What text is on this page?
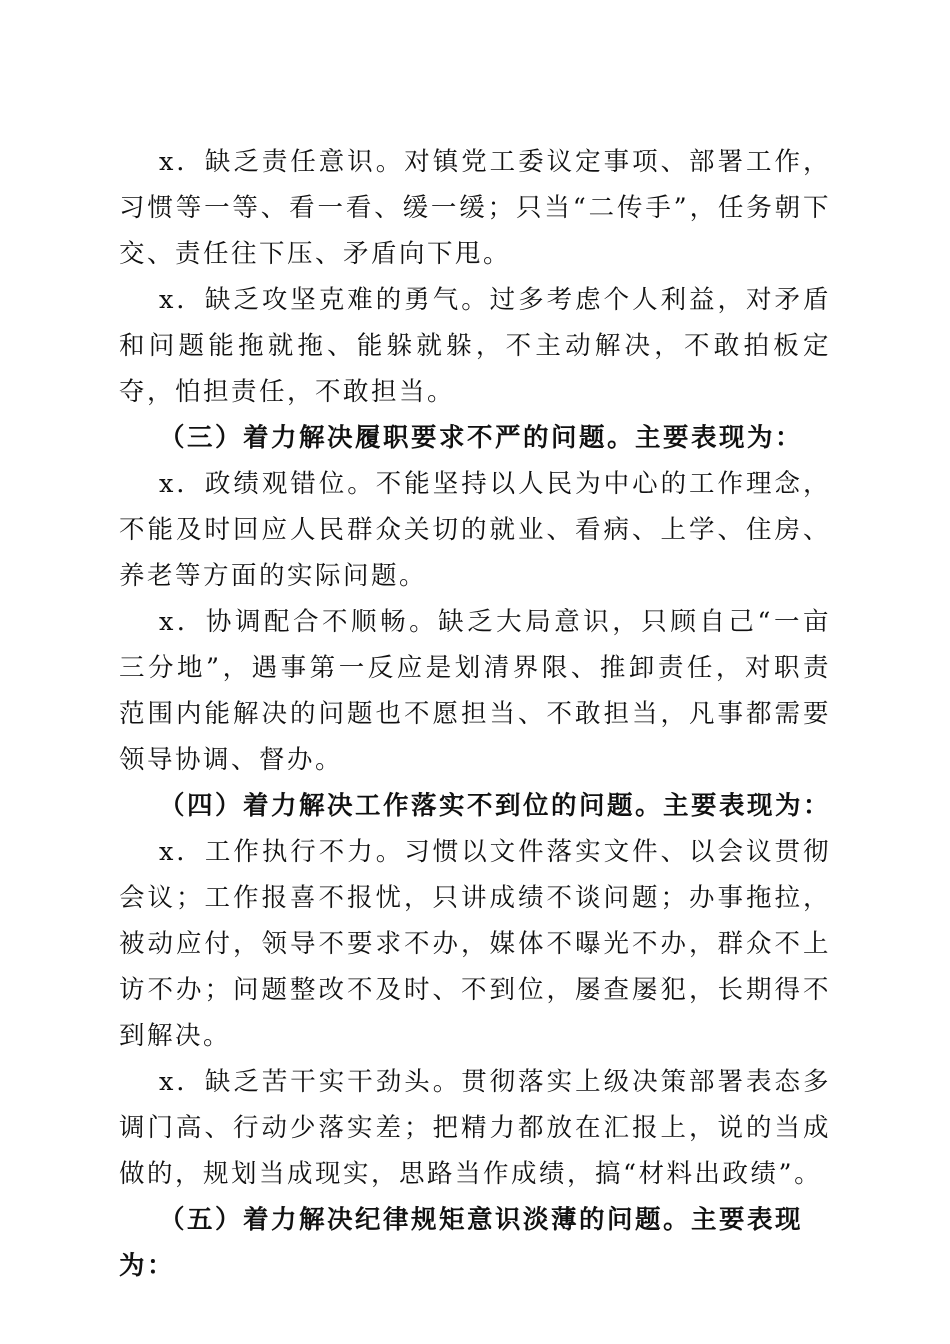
x．缺乏责任意识。对镇党工委议定事项、部署工作，习惯等一等、看一看、缓一缓；只当“二传手”，任务朝下交、责任往下压、矛盾向下甩。

x．缺乏攻坚克难的勇气。过多考虑个人利益，对矛盾和问题能拖就拖、能躲就躲，不主动解决，不敢拍板定夺，怕担责任，不敢担当。

（三）着力解决履职要求不严的问题。主要表现为：

x．政绩观错位。不能坚持以人民为中心的工作理念，不能及时回应人民群众关切的就业、看病、上学、住房、养老等方面的实际问题。

x．协调配合不顺畅。缺乏大局意识，只顾自己“一亩三分地”，遇事第一反应是划清界限、推卸责任，对职责范围内能解决的问题也不愿担当、不敢担当，凡事都需要领导协调、督办。

（四）着力解决工作落实不到位的问题。主要表现为：

x．工作执行不力。习惯以文件落实文件、以会议贯彻会议；工作报喜不报忧，只讲成绩不谈问题；办事拖拉，被动应付，领导不要求不办，媒体不曝光不办，群众不上访不办；问题整改不及时、不到位，屡查屡犯，长期得不到解决。

x．缺乏苦干实干劲头。贯彻落实上级决策部署表态多调门高、行动少落实差；把精力都放在汇报上，说的当成做的，规划当成现实，思路当作成绩，搞“材料出政绩”。

（五）着力解决纪律规矩意识淡薄的问题。主要表现为：
